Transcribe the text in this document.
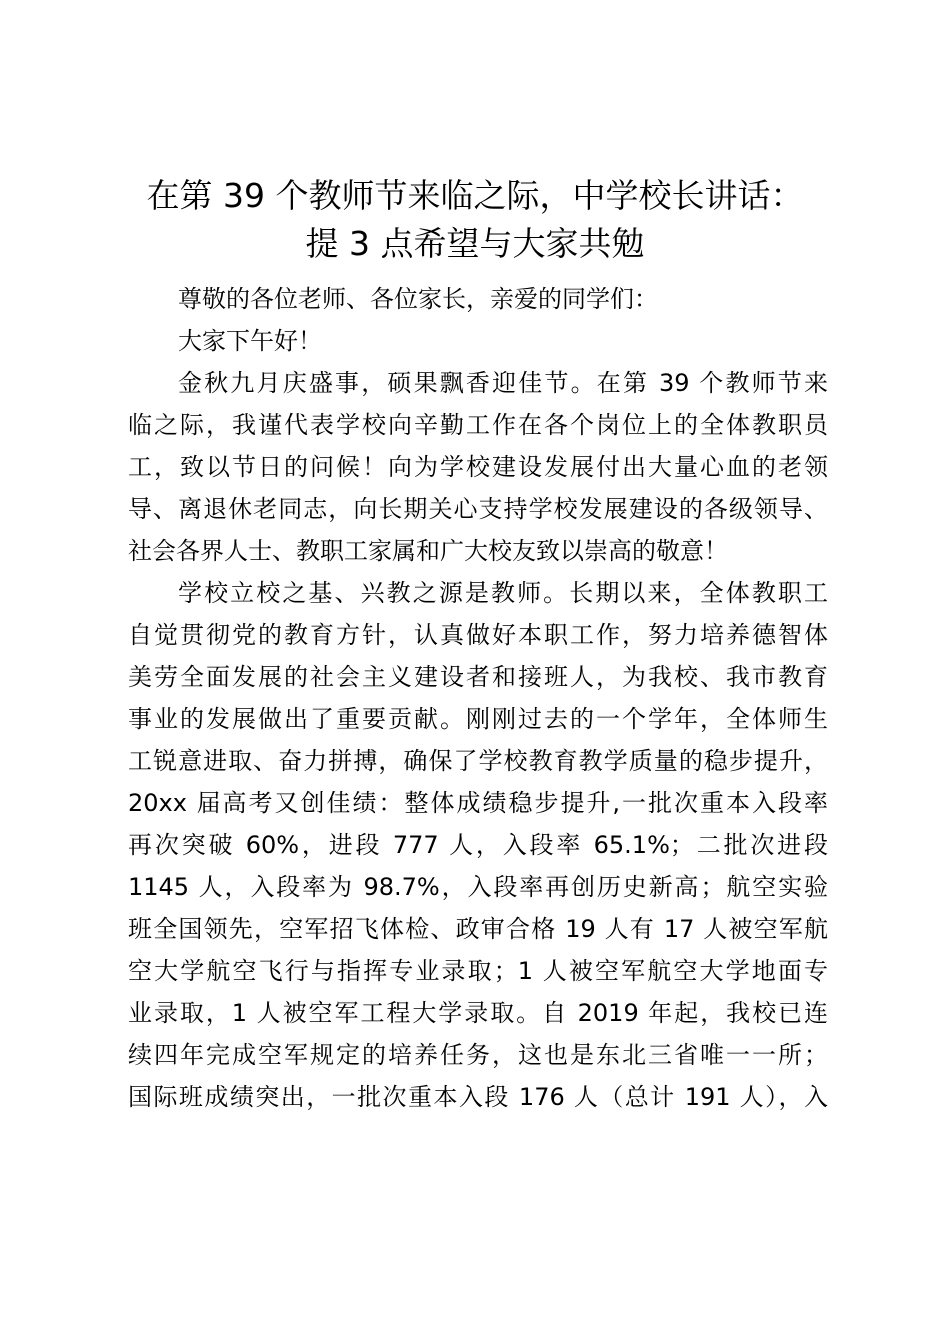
在第 39 个教师节来临之际，中学校长讲话：
提 3 点希望与大家共勉

尊敬的各位老师、各位家长，亲爱的同学们：

大家下午好！

金秋九月庆盛事，硕果飘香迎佳节。在第 39 个教师节来
临之际，我谨代表学校向辛勤工作在各个岗位上的全体教职员
工，致以节日的问候！向为学校建设发展付出大量心血的老领
导、离退休老同志，向长期关心支持学校发展建设的各级领导、
社会各界人士、教职工家属和广大校友致以崇高的敬意！

学校立校之基、兴教之源是教师。长期以来，全体教职工
自觉贯彻党的教育方针，认真做好本职工作，努力培养德智体
美劳全面发展的社会主义建设者和接班人，为我校、我市教育
事业的发展做出了重要贡献。刚刚过去的一个学年，全体师生
工锐意进取、奋力拼搏，确保了学校教育教学质量的稳步提升，
20xx 届高考又创佳绩：整体成绩稳步提升,一批次重本入段率
再次突破 60%，进段 777 人，入段率 65.1%；二批次进段
1145 人，入段率为 98.7%，入段率再创历史新高；航空实验
班全国领先，空军招飞体检、政审合格 19 人有 17 人被空军航
空大学航空飞行与指挥专业录取；1 人被空军航空大学地面专
业录取，1 人被空军工程大学录取。自 2019 年起，我校已连
续四年完成空军规定的培养任务，这也是东北三省唯一一所；
国际班成绩突出，一批次重本入段 176 人（总计 191 人），入
